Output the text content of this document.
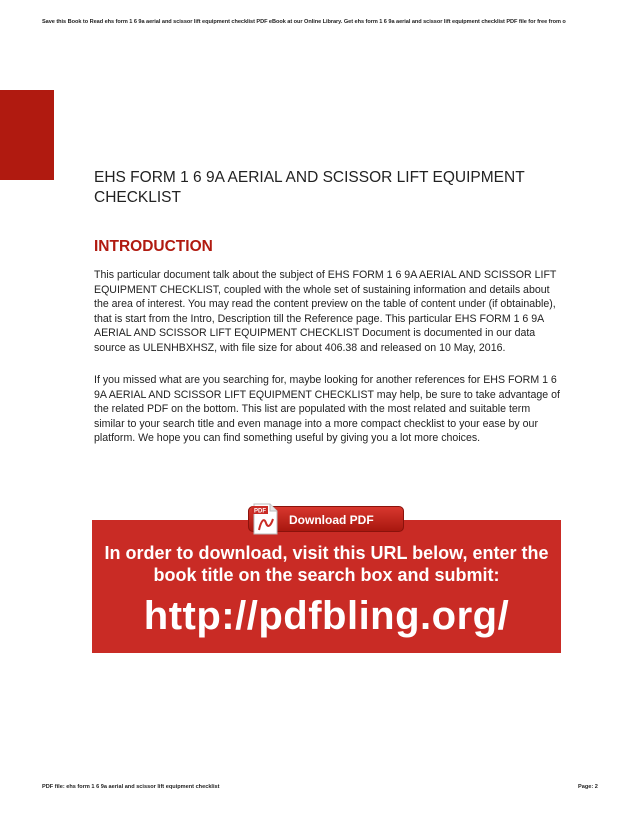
Save this Book to Read ehs form 1 6 9a aerial and scissor lift equipment checklist PDF eBook at our Online Library. Get ehs form 1 6 9a aerial and scissor lift equipment checklist PDF file for free from o
EHS FORM 1 6 9A AERIAL AND SCISSOR LIFT EQUIPMENT CHECKLIST
INTRODUCTION

This particular document talk about the subject of EHS FORM 1 6 9A AERIAL AND SCISSOR LIFT EQUIPMENT CHECKLIST, coupled with the whole set of sustaining information and details about the area of interest. You may read the content preview on the table of content under (if obtainable), that is start from the Intro, Description till the Reference page. This particular EHS FORM 1 6 9A AERIAL AND SCISSOR LIFT EQUIPMENT CHECKLIST Document is documented in our data source as ULENHBXHSZ, with file size for about 406.38 and released on 10 May, 2016.

If you missed what are you searching for, maybe looking for another references for EHS FORM 1 6 9A AERIAL AND SCISSOR LIFT EQUIPMENT CHECKLIST may help, be sure to take advantage of the related PDF on the bottom. This list are populated with the most related and suitable term similar to your search title and even manage into a more compact checklist to your ease by our platform. We hope you can find something useful by giving you a lot more choices.

In order to download, visit this URL below, enter the book title on the search box and submit:
http://pdfbling.org/
PDF
Download PDF
PDF file: ehs form 1 6 9a aerial and scissor lift equipment checklist	Page: 2
